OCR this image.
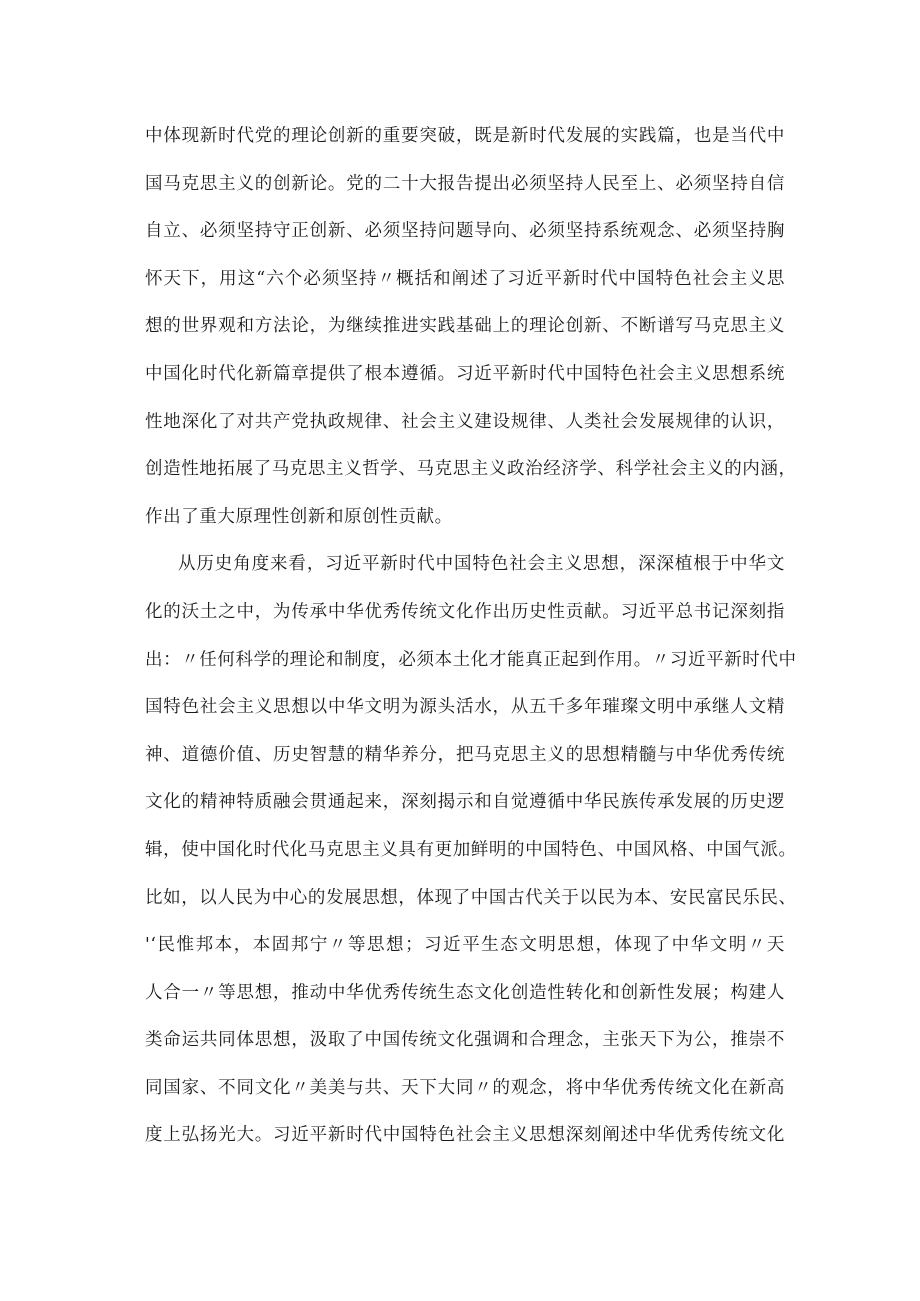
中体现新时代党的理论创新的重要突破，既是新时代发展的实践篇，也是当代中
国马克思主义的创新论。党的二十大报告提出必须坚持人民至上、必须坚持自信
自立、必须坚持守正创新、必须坚持问题导向、必须坚持系统观念、必须坚持胸
怀天下，用这“六个必须坚持〃概括和阐述了习近平新时代中国特色社会主义思
想的世界观和方法论，为继续推进实践基础上的理论创新、不断谱写马克思主义
中国化时代化新篇章提供了根本遵循。习近平新时代中国特色社会主义思想系统
性地深化了对共产党执政规律、社会主义建设规律、人类社会发展规律的认识，
创造性地拓展了马克思主义哲学、马克思主义政治经济学、科学社会主义的内涵，
作出了重大原理性创新和原创性贡献。
从历史角度来看，习近平新时代中国特色社会主义思想，深深植根于中华文
化的沃土之中，为传承中华优秀传统文化作出历史性贡献。习近平总书记深刻指
出：〃任何科学的理论和制度，必须本土化才能真正起到作用。〃习近平新时代中
国特色社会主义思想以中华文明为源头活水，从五千多年璀璨文明中承继人文精
神、道德价值、历史智慧的精华养分，把马克思主义的思想精髓与中华优秀传统
文化的精神特质融会贯通起来，深刻揭示和自觉遵循中华民族传承发展的历史逻
辑，使中国化时代化马克思主义具有更加鲜明的中国特色、中国风格、中国气派。
比如，以人民为中心的发展思想，体现了中国古代关于以民为本、安民富民乐民、
'‘民惟邦本，本固邦宁〃等思想；习近平生态文明思想，体现了中华文明〃天
人合一〃等思想，推动中华优秀传统生态文化创造性转化和创新性发展；构建人
类命运共同体思想，汲取了中国传统文化强调和合理念，主张天下为公，推崇不
同国家、不同文化〃美美与共、天下大同〃的观念，将中华优秀传统文化在新高
度上弘扬光大。习近平新时代中国特色社会主义思想深刻阐述中华优秀传统文化
